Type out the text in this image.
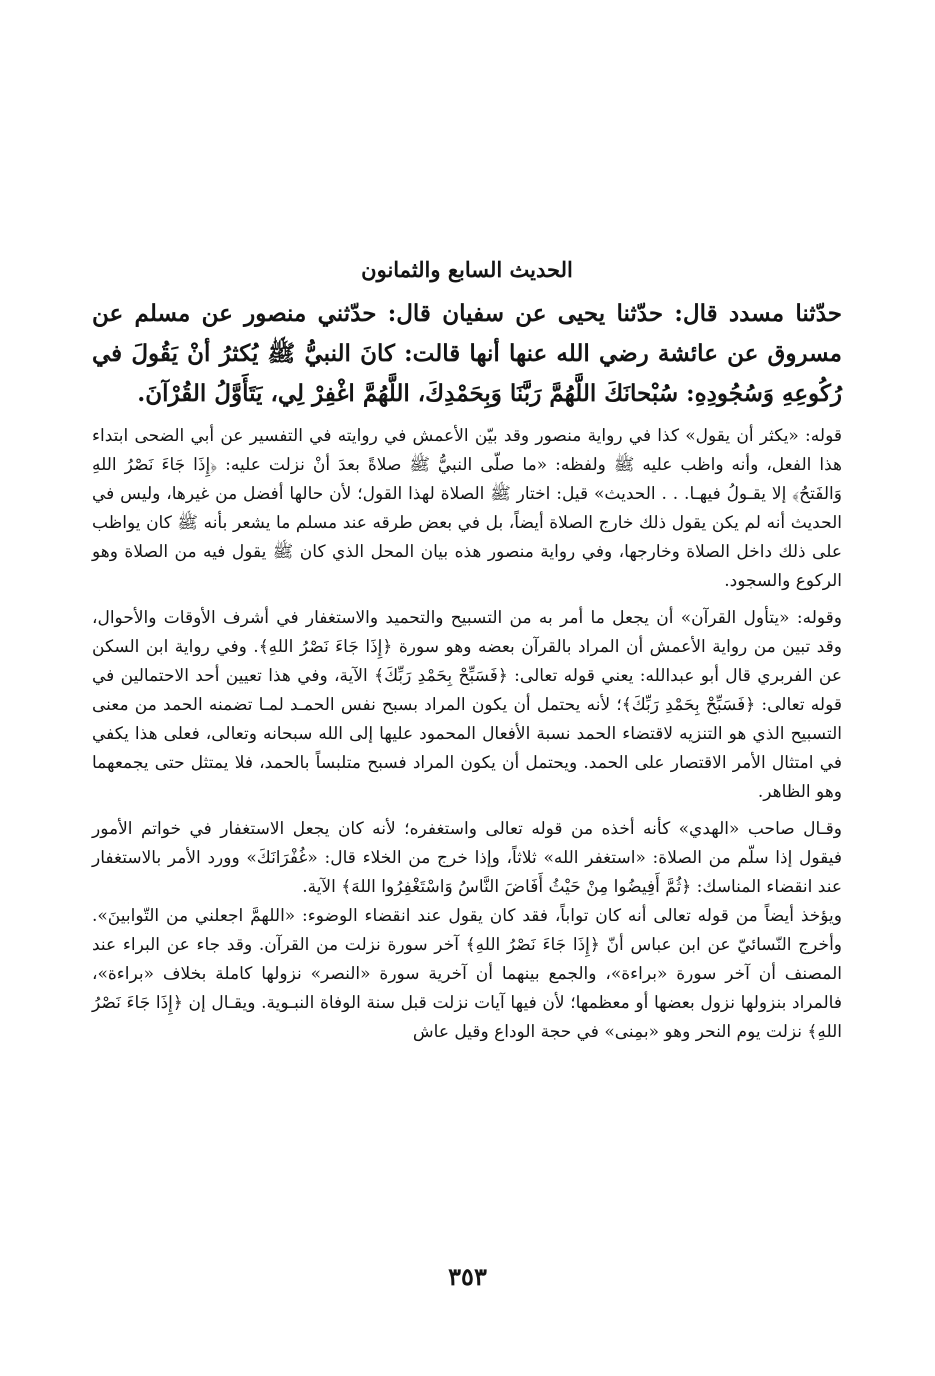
الحديث السابع والثمانون

حدّثنا مسدد قال: حدّثنا يحيى عن سفيان قال: حدّثني منصور عن مسلم عن مسروق عن عائشة رضي الله عنها أنها قالت: كانَ النبيُّ ﷺ يُكثرُ أنْ يَقُولَ في رُكُوعِهِ وَسُجُودِهِ: سُبْحانَكَ اللَّهُمَّ رَبَّنَا وَبِحَمْدِكَ، اللَّهُمَّ اغْفِرْ لِي، يَتَأَوَّلُ القُرْآنَ.

قوله: «يكثر أن يقول» كذا في رواية منصور وقد بيّن الأعمش في روايته في التفسير عن أبي الضحى ابتداء هذا الفعل، وأنه واظب عليه ﷺ ولفظه: «ما صلّى النبيُّ ﷺ صلاةً بعدَ أنْ نزلت عليه: ﴿إِذَا جَاءَ نَصْرُ اللهِ وَالفَتحُ﴾ إلا يقـولُ فيهـا. . . الحديث» قيل: اختار ﷺ الصلاة لهذا القول؛ لأن حالها أفضل من غيرها، وليس في الحديث أنه لم يكن يقول ذلك خارج الصلاة أيضاً، بل في بعض طرقه عند مسلم ما يشعر بأنه ﷺ كان يواظب على ذلك داخل الصلاة وخارجها، وفي رواية منصور هذه بيان المحل الذي كان ﷺ يقول فيه من الصلاة وهو الركوع والسجود.

وقوله: «يتأول القرآن» أن يجعل ما أمر به من التسبيح والتحميد والاستغفار في أشرف الأوقات والأحوال، وقد تبين من رواية الأعمش أن المراد بالقرآن بعضه وهو سورة ﴿إِذَا جَاءَ نَصْرُ اللهِ﴾. وفي رواية ابن السكن عن الفربري قال أبو عبدالله: يعني قوله تعالى: ﴿فَسَبِّحْ بِحَمْدِ رَبِّكَ﴾ الآية، وفي هذا تعيين أحد الاحتمالين في قوله تعالى: ﴿فَسَبِّحْ بِحَمْدِ رَبِّكَ﴾؛ لأنه يحتمل أن يكون المراد بسبح نفس الحمـد لمـا تضمنه الحمد من معنى التسبيح الذي هو التنزيه لاقتضاء الحمد نسبة الأفعال المحمود عليها إلى الله سبحانه وتعالى، فعلى هذا يكفي في امتثال الأمر الاقتصار على الحمد. ويحتمل أن يكون المراد فسبح متلبساً بالحمد، فلا يمتثل حتى يجمعهما وهو الظاهر.

وقـال صاحب «الهدي» كأنه أخذه من قوله تعالى واستغفره؛ لأنه كان يجعل الاستغفار في خواتم الأمور فيقول إذا سلّم من الصلاة: «استغفر الله» ثلاثاً، وإذا خرج من الخلاء قال: «غُفْرَانَكَ» وورد الأمر بالاستغفار عند انقضاء المناسك: ﴿ثُمَّ أَفِيضُوا مِنْ حَيْثُ أَفَاضَ النَّاسُ وَاسْتَغْفِرُوا اللهَ﴾ الآية.

ويؤخذ أيضاً من قوله تعالى أنه كان تواباً، فقد كان يقول عند انقضاء الوضوء: «اللهمَّ اجعلني من التّوابينَ». وأخرج النّسائيّ عن ابن عباس أنّ ﴿إِذَا جَاءَ نَصْرُ اللهِ﴾ آخر سورة نزلت من القرآن. وقد جاء عن البراء عند المصنف أن آخر سورة «براءة»، والجمع بينهما أن آخرية سورة «النصر» نزولها كاملة بخلاف «براءة»، فالمراد بنزولها نزول بعضها أو معظمها؛ لأن فيها آيات نزلت قبل سنة الوفاة النبـوية. ويقـال إن ﴿إِذَا جَاءَ نَصْرُ اللهِ﴾ نزلت يوم النحر وهو «بمِنى» في حجة الوداع وقيل عاش

٣٥٣
